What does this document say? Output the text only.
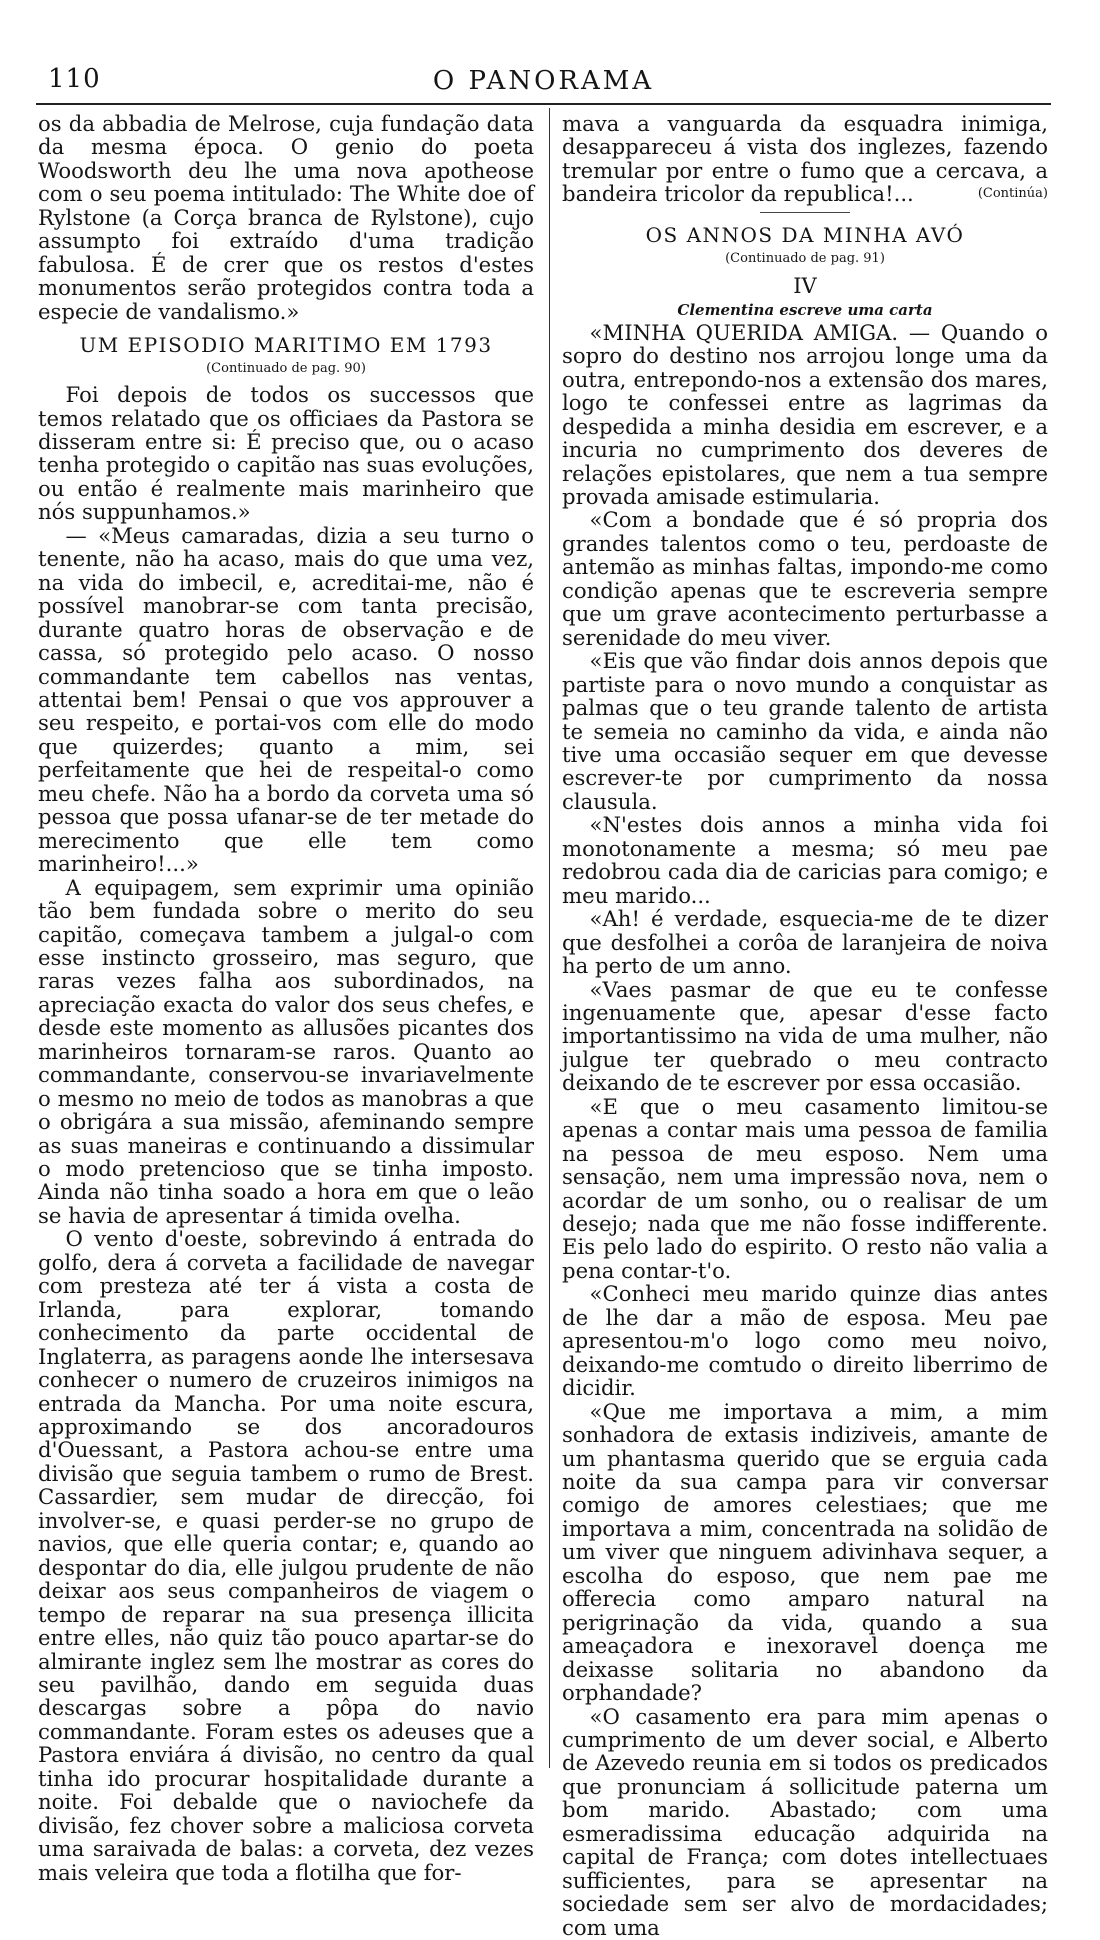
110	O PANORAMA

os da abbadia de Melrose, cuja fundação data da mesma época. O genio do poeta Woodsworth deu lhe uma nova apotheose com o seu poema intitulado: The White doe of Rylstone (a Corça branca de Rylstone), cujo assumpto foi extraído d'uma tradição fabulosa. É de crer que os restos d'estes monumentos serão protegidos contra toda a especie de vandalismo.»

UM EPISODIO MARITIMO EM 1793

(Continuado de pag. 90)

Foi depois de todos os successos que temos relatado que os officiaes da Pastora se disseram entre si: É preciso que, ou o acaso tenha protegido o capitão nas suas evoluções, ou então é realmente mais marinheiro que nós suppunhamos.»

— «Meus camaradas, dizia a seu turno o tenente, não ha acaso, mais do que uma vez, na vida do imbecil, e, acreditai-me, não é possível manobrar-se com tanta precisão, durante quatro horas de observação e de cassa, só protegido pelo acaso. O nosso commandante tem cabellos nas ventas, attentai bem! Pensai o que vos approuver a seu respeito, e portai-vos com elle do modo que quizerdes; quanto a mim, sei perfeitamente que hei de respeital-o como meu chefe. Não ha a bordo da corveta uma só pessoa que possa ufanar-se de ter metade do merecimento que elle tem como marinheiro!...»

A equipagem, sem exprimir uma opinião tão bem fundada sobre o merito do seu capitão, começava tambem a julgal-o com esse instincto grosseiro, mas seguro, que raras vezes falha aos subordinados, na apreciação exacta do valor dos seus chefes, e desde este momento as allusões picantes dos marinheiros tornaram-se raros. Quanto ao commandante, conservou-se invariavelmente o mesmo no meio de todos as manobras a que o obrigára a sua missão, afeminando sempre as suas maneiras e continuando a dissimular o modo pretencioso que se tinha imposto. Ainda não tinha soado a hora em que o leão se havia de apresentar á timida ovelha.

O vento d'oeste, sobrevindo á entrada do golfo, dera á corveta a facilidade de navegar com presteza até ter á vista a costa de Irlanda, para explorar, tomando conhecimento da parte occidental de Inglaterra, as paragens aonde lhe intersesava conhecer o numero de cruzeiros inimigos na entrada da Mancha. Por uma noite escura, approximando se dos ancoradouros d'Ouessant, a Pastora achou-se entre uma divisão que seguia tambem o rumo de Brest. Cassardier, sem mudar de direcção, foi involver-se, e quasi perder-se no grupo de navios, que elle queria contar; e, quando ao despontar do dia, elle julgou prudente de não deixar aos seus companheiros de viagem o tempo de reparar na sua presença illicita entre elles, não quiz tão pouco apartar-se do almirante inglez sem lhe mostrar as cores do seu pavilhão, dando em seguida duas descargas sobre a pôpa do navio commandante. Foram estes os adeuses que a Pastora enviára á divisão, no centro da qual tinha ido procurar hospitalidade durante a noite. Foi debalde que o naviochefe da divisão, fez chover sobre a maliciosa corveta uma saraivada de balas: a corveta, dez vezes mais veleira que toda a flotilha que for-

mava a vanguarda da esquadra inimiga, desappareceu á vista dos inglezes, fazendo tremular por entre o fumo que a cercava, a bandeira tricolor da republica!...	(Continúa)

OS ANNOS DA MINHA AVÓ

(Continuado de pag. 91)

IV

Clementina escreve uma carta

«MINHA QUERIDA AMIGA. — Quando o sopro do destino nos arrojou longe uma da outra, entrepondo-nos a extensão dos mares, logo te confessei entre as lagrimas da despedida a minha desidia em escrever, e a incuria no cumprimento dos deveres de relações epistolares, que nem a tua sempre provada amisade estimularia.

«Com a bondade que é só propria dos grandes talentos como o teu, perdoaste de antemão as minhas faltas, impondo-me como condição apenas que te escreveria sempre que um grave acontecimento perturbasse a serenidade do meu viver.

«Eis que vão findar dois annos depois que partiste para o novo mundo a conquistar as palmas que o teu grande talento de artista te semeia no caminho da vida, e ainda não tive uma occasião sequer em que devesse escrever-te por cumprimento da nossa clausula.

«N'estes dois annos a minha vida foi monotonamente a mesma; só meu pae redobrou cada dia de caricias para comigo; e meu marido...

«Ah! é verdade, esquecia-me de te dizer que desfolhei a corôa de laranjeira de noiva ha perto de um anno.

«Vaes pasmar de que eu te confesse ingenuamente que, apesar d'esse facto importantissimo na vida de uma mulher, não julgue ter quebrado o meu contracto deixando de te escrever por essa occasião.

«E que o meu casamento limitou-se apenas a contar mais uma pessoa de familia na pessoa de meu esposo. Nem uma sensação, nem uma impressão nova, nem o acordar de um sonho, ou o realisar de um desejo; nada que me não fosse indifferente. Eis pelo lado do espirito. O resto não valia a pena contar-t'o.

«Conheci meu marido quinze dias antes de lhe dar a mão de esposa. Meu pae apresentou-m'o logo como meu noivo, deixando-me comtudo o direito liberrimo de dicidir.

«Que me importava a mim, a mim sonhadora de extasis indiziveis, amante de um phantasma querido que se erguia cada noite da sua campa para vir conversar comigo de amores celestiaes; que me importava a mim, concentrada na solidão de um viver que ninguem adivinhava sequer, a escolha do esposo, que nem pae me offerecia como amparo natural na perigrinação da vida, quando a sua ameaçadora e inexoravel doença me deixasse solitaria no abandono da orphandade?

«O casamento era para mim apenas o cumprimento de um dever social, e Alberto de Azevedo reunia em si todos os predicados que pronunciam á sollicitude paterna um bom marido. Abastado; com uma esmeradissima educação adquirida na capital de França; com dotes intellectuaes sufficientes, para se apresentar na sociedade sem ser alvo de mordacidades; com uma
